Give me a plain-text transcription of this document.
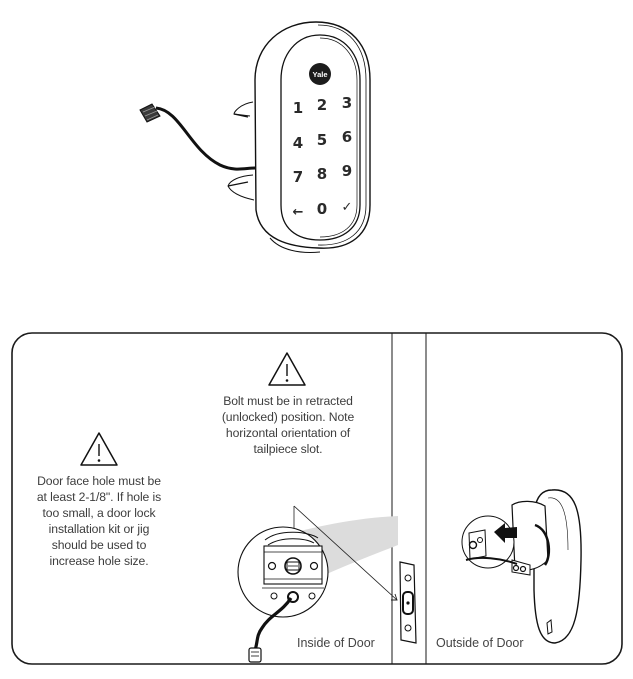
Yale
1 2 3
4 5 6
7 8 9
← 0 ✓
Bolt must be in retracted
(unlocked) position. Note
horizontal orientation of
tailpiece slot.
Door face hole must be
at least 2-1/8". If hole is
too small, a door lock
installation kit or jig
should be used to
increase hole size.
Inside of Door	Outside of Door
